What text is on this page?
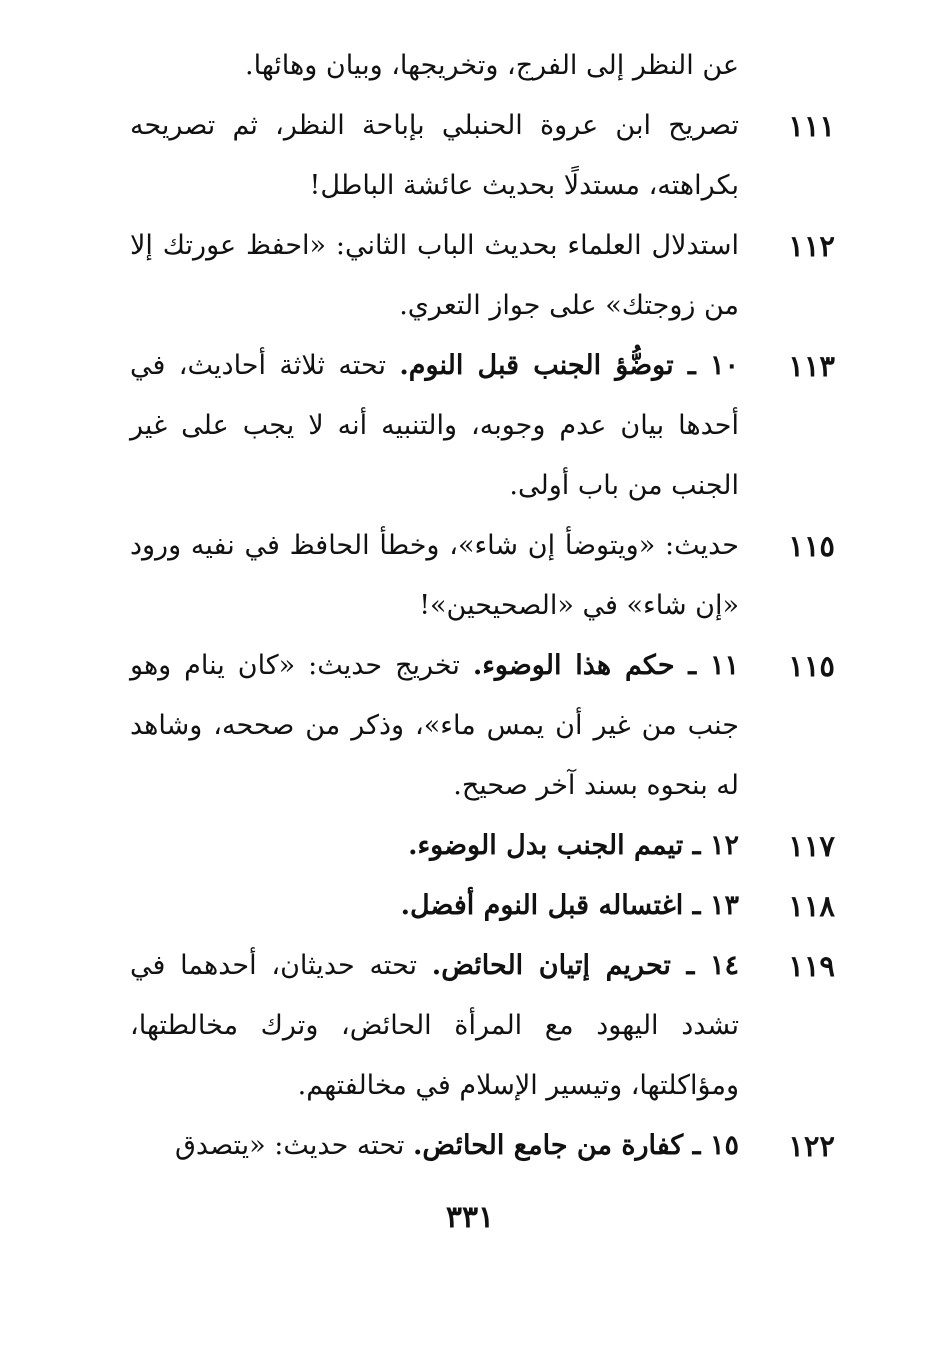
عن النظر إلى الفرج، وتخريجها، وبيان وهائها.
١١١
تصريح ابن عروة الحنبلي بإباحة النظر، ثم تصريحه بكراهته، مستدلًا بحديث عائشة الباطل!
١١٢
استدلال العلماء بحديث الباب الثاني: «احفظ عورتك إلا من زوجتك» على جواز التعري.
١١٣
١٠ ـ توضُّؤ الجنب قبل النوم. تحته ثلاثة أحاديث، في أحدها بيان عدم وجوبه، والتنبيه أنه لا يجب على غير الجنب من باب أولى.
١١٥
حديث: «ويتوضأ إن شاء»، وخطأ الحافظ في نفيه ورود «إن شاء» في «الصحيحين»!
١١٥
١١ ـ حكم هذا الوضوء. تخريج حديث: «كان ينام وهو جنب من غير أن يمس ماء»، وذكر من صححه، وشاهد له بنحوه بسند آخر صحيح.
١١٧
١٢ ـ تيمم الجنب بدل الوضوء.
١١٨
١٣ ـ اغتساله قبل النوم أفضل.
١١٩
١٤ ـ تحريم إتيان الحائض. تحته حديثان، أحدهما في تشدد اليهود مع المرأة الحائض، وترك مخالطتها، ومؤاكلتها، وتيسير الإسلام في مخالفتهم.
١٢٢
١٥ ـ كفارة من جامع الحائض. تحته حديث: «يتصدق
٣٣١
